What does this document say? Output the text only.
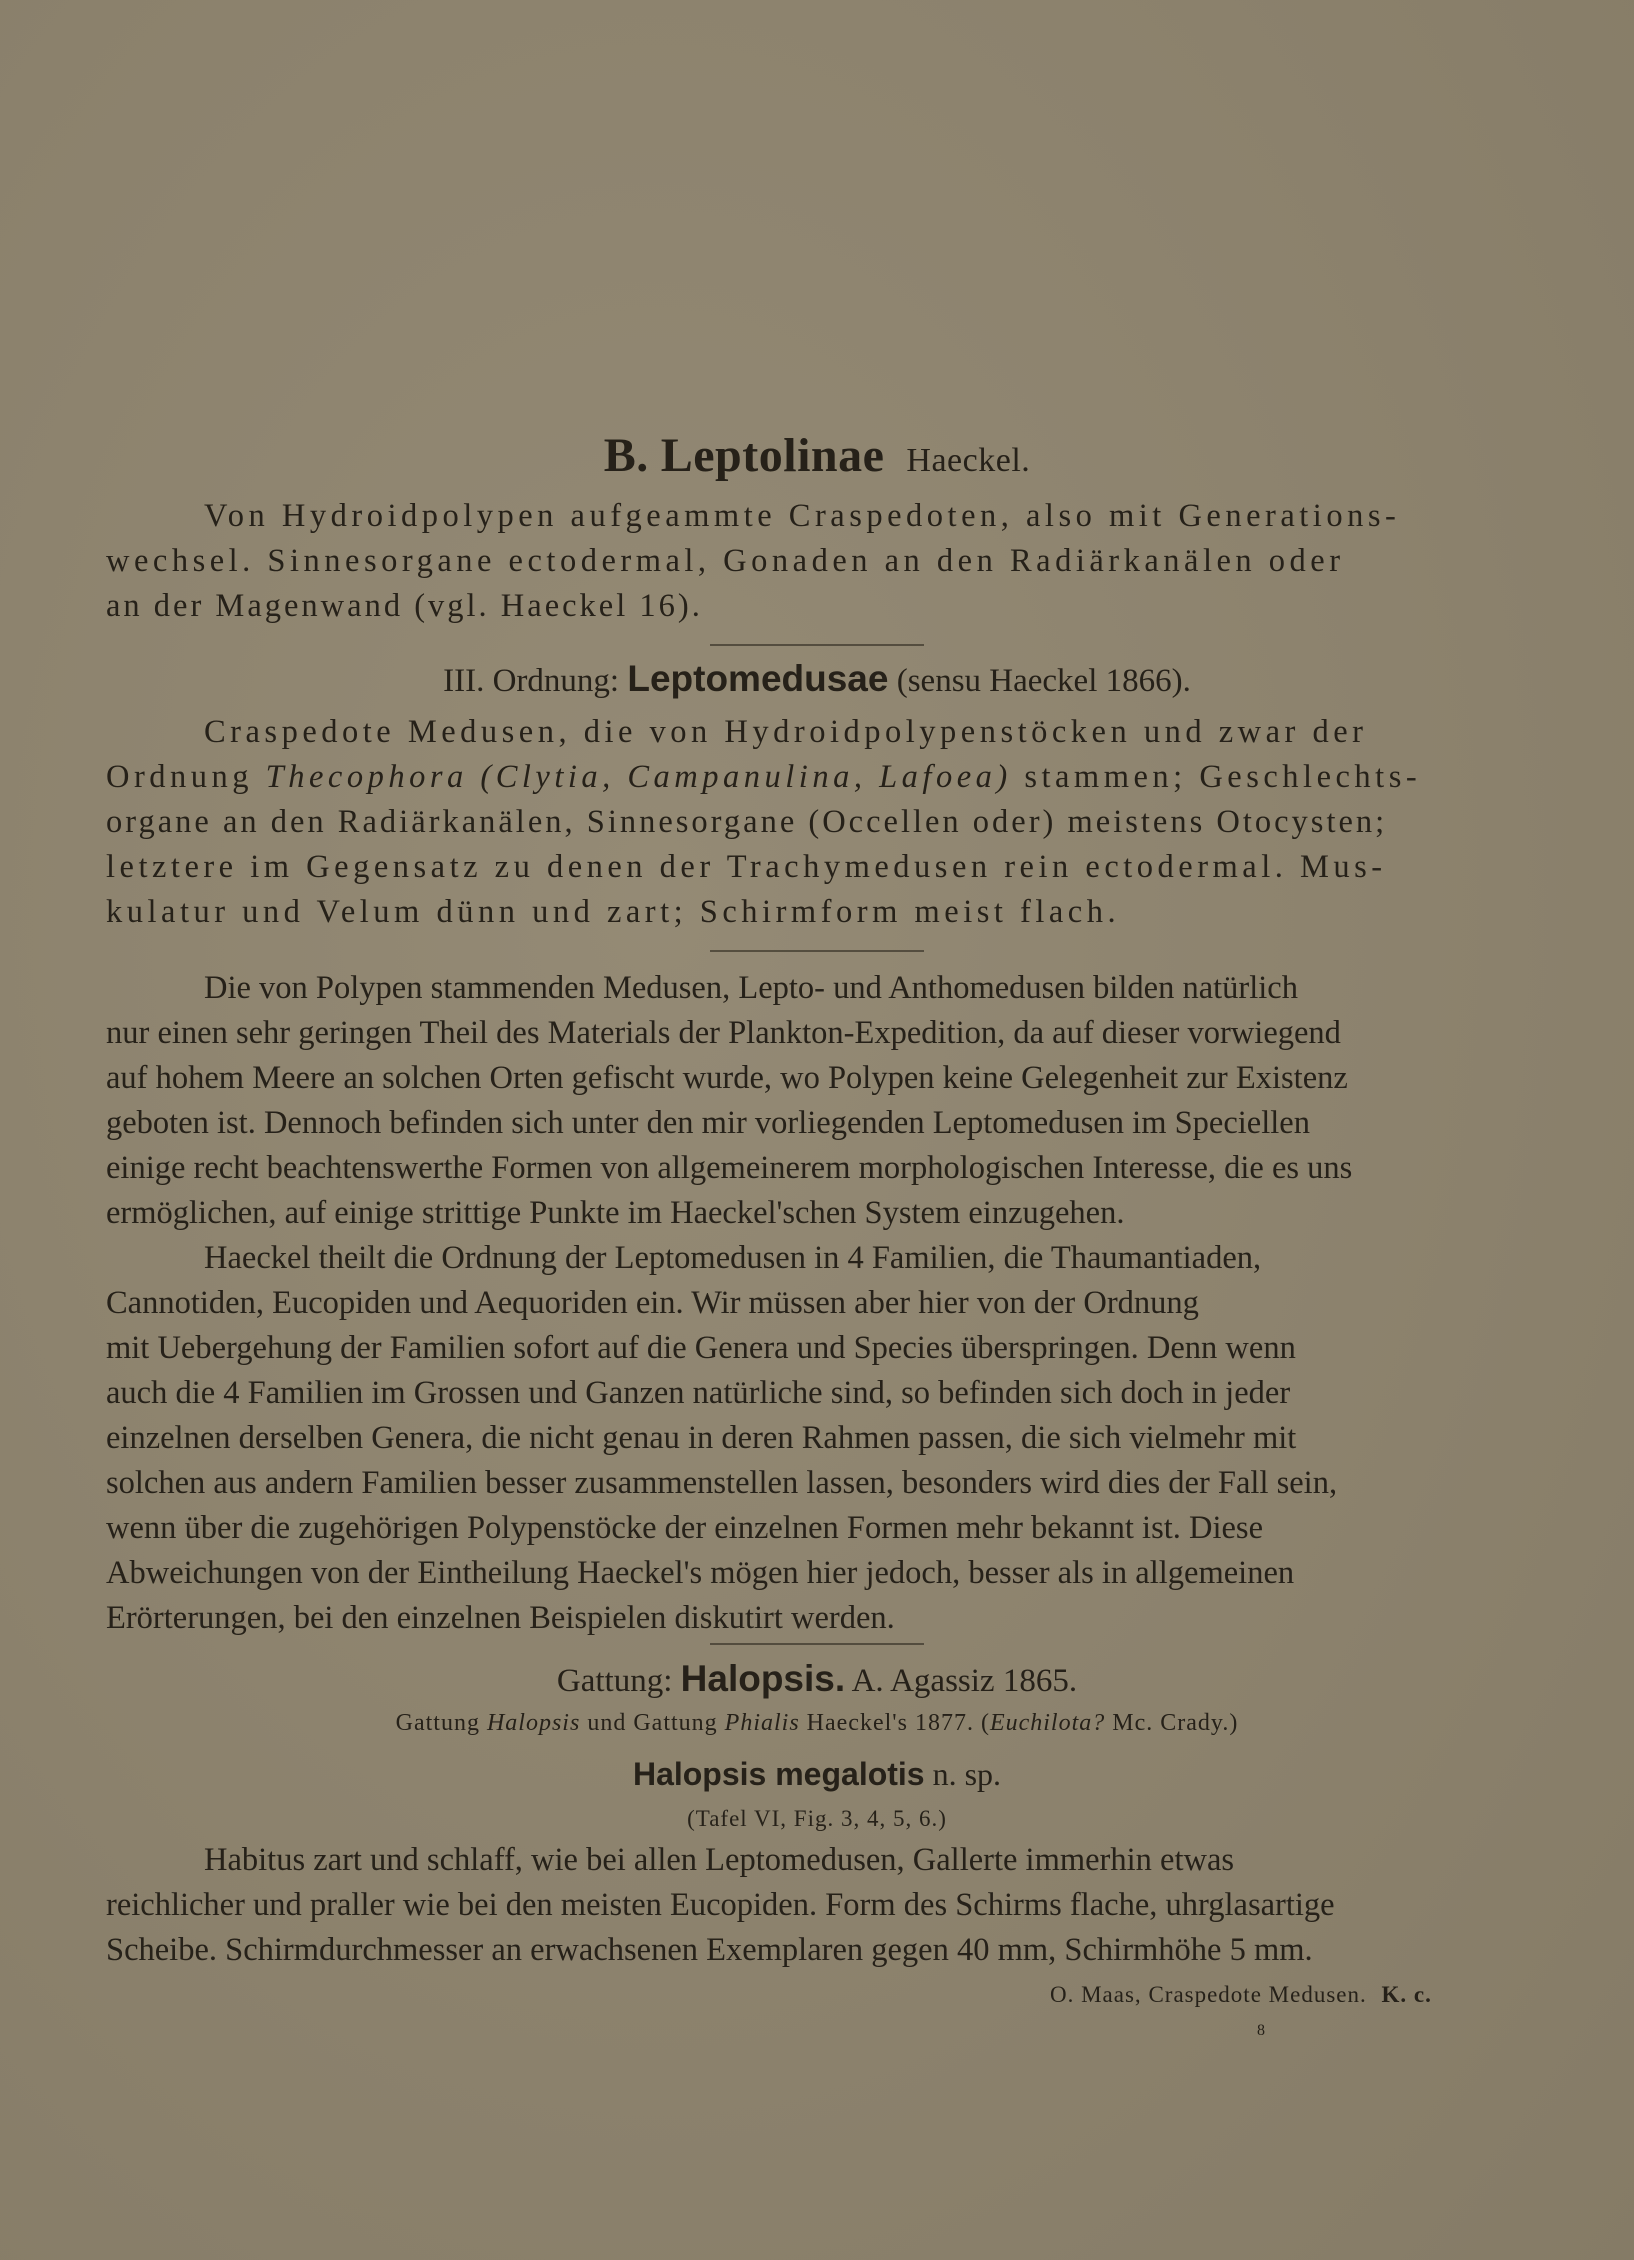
B. Leptolinae Haeckel.

Von Hydroidpolypen aufgeammte Craspedoten, also mit Generations-

wechsel. Sinnesorgane ectodermal, Gonaden an den Radiärkanälen oder

an der Magenwand (vgl. Haeckel 16).

III. Ordnung: Leptomedusae (sensu Haeckel 1866).

Craspedote Medusen, die von Hydroidpolypenstöcken und zwar der

Ordnung Thecophora (Clytia, Campanulina, Lafoea) stammen; Geschlechts-

organe an den Radiärkanälen, Sinnesorgane (Occellen oder) meistens Otocysten;

letztere im Gegensatz zu denen der Trachymedusen rein ectodermal. Mus-

kulatur und Velum dünn und zart; Schirmform meist flach.

Die von Polypen stammenden Medusen, Lepto- und Anthomedusen bilden natürlich

nur einen sehr geringen Theil des Materials der Plankton-Expedition, da auf dieser vorwiegend

auf hohem Meere an solchen Orten gefischt wurde, wo Polypen keine Gelegenheit zur Existenz

geboten ist. Dennoch befinden sich unter den mir vorliegenden Leptomedusen im Speciellen

einige recht beachtenswerthe Formen von allgemeinerem morphologischen Interesse, die es uns

ermöglichen, auf einige strittige Punkte im Haeckel'schen System einzugehen.

Haeckel theilt die Ordnung der Leptomedusen in 4 Familien, die Thaumantiaden,

Cannotiden, Eucopiden und Aequoriden ein. Wir müssen aber hier von der Ordnung

mit Uebergehung der Familien sofort auf die Genera und Species überspringen. Denn wenn

auch die 4 Familien im Grossen und Ganzen natürliche sind, so befinden sich doch in jeder

einzelnen derselben Genera, die nicht genau in deren Rahmen passen, die sich vielmehr mit

solchen aus andern Familien besser zusammenstellen lassen, besonders wird dies der Fall sein,

wenn über die zugehörigen Polypenstöcke der einzelnen Formen mehr bekannt ist. Diese

Abweichungen von der Eintheilung Haeckel's mögen hier jedoch, besser als in allgemeinen

Erörterungen, bei den einzelnen Beispielen diskutirt werden.

Gattung: Halopsis. A. Agassiz 1865.
Gattung Halopsis und Gattung Phialis Haeckel's 1877. (Euchilota? Mc. Crady.)
Halopsis megalotis n. sp.
(Tafel VI, Fig. 3, 4, 5, 6.)

Habitus zart und schlaff, wie bei allen Leptomedusen, Gallerte immerhin etwas

reichlicher und praller wie bei den meisten Eucopiden. Form des Schirms flache, uhrglasartige

Scheibe. Schirmdurchmesser an erwachsenen Exemplaren gegen 40 mm, Schirmhöhe 5 mm.

O. Maas, Craspedote Medusen. K. c.
8
